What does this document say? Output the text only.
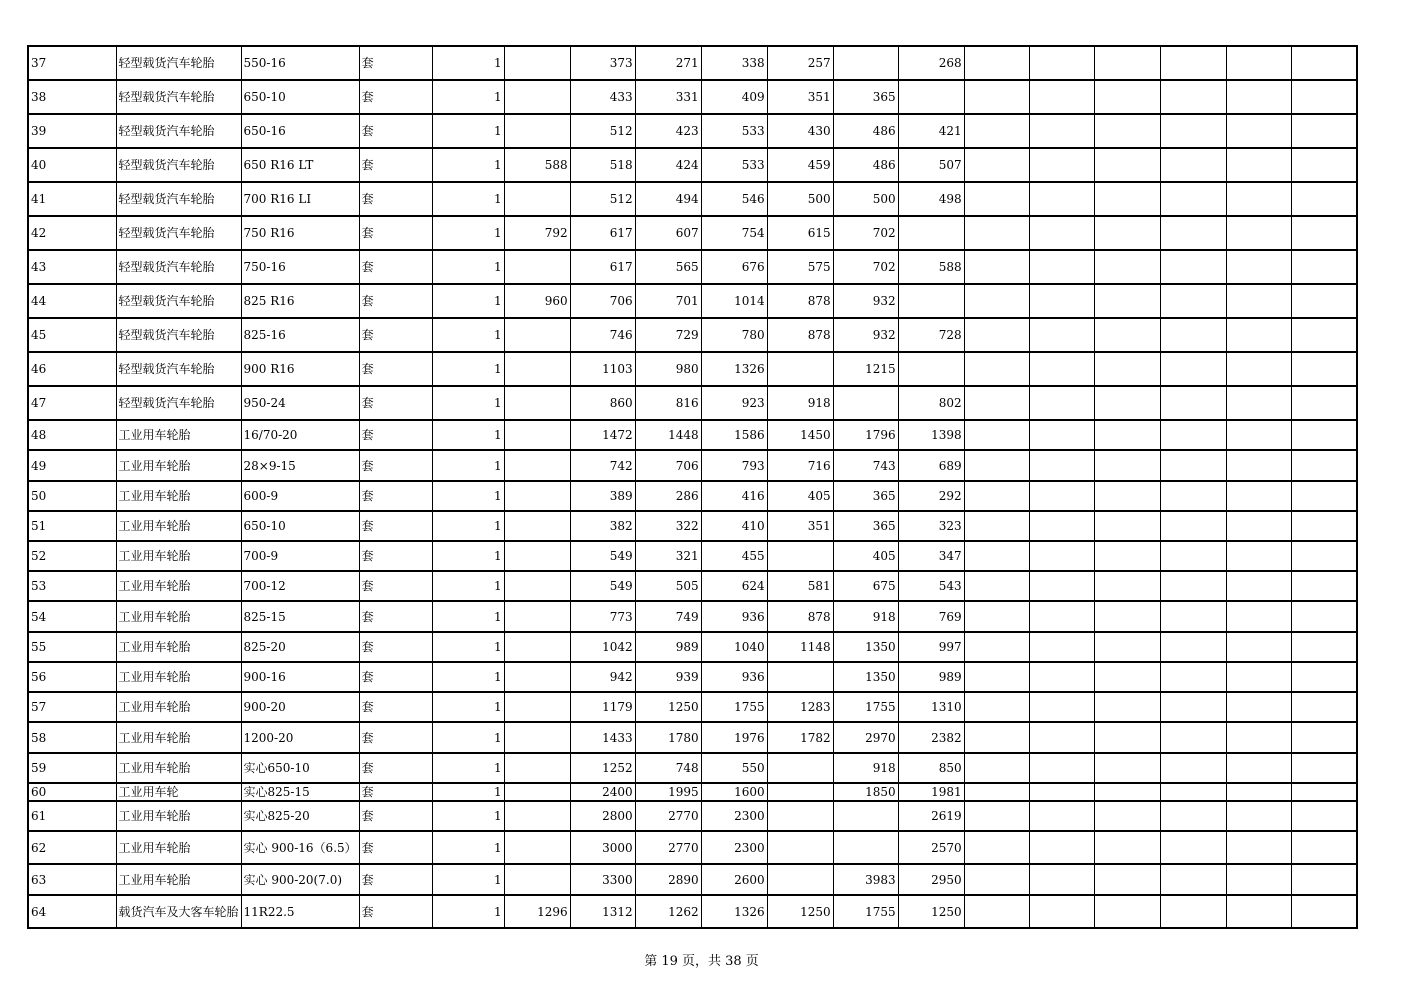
37	轻型载货汽车轮胎	550-16	套	1		373	271	338	257		268						
38	轻型载货汽车轮胎	650-10	套	1		433	331	409	351	365							
39	轻型载货汽车轮胎	650-16	套	1		512	423	533	430	486	421						
40	轻型载货汽车轮胎	650 R16 LT	套	1	588	518	424	533	459	486	507						
41	轻型载货汽车轮胎	700 R16 LI	套	1		512	494	546	500	500	498						
42	轻型载货汽车轮胎	750 R16	套	1	792	617	607	754	615	702							
43	轻型载货汽车轮胎	750-16	套	1		617	565	676	575	702	588						
44	轻型载货汽车轮胎	825 R16	套	1	960	706	701	1014	878	932							
45	轻型载货汽车轮胎	825-16	套	1		746	729	780	878	932	728						
46	轻型载货汽车轮胎	900 R16	套	1		1103	980	1326		1215							
47	轻型载货汽车轮胎	950-24	套	1		860	816	923	918		802						
48	工业用车轮胎	16/70-20	套	1		1472	1448	1586	1450	1796	1398						
49	工业用车轮胎	28×9-15	套	1		742	706	793	716	743	689						
50	工业用车轮胎	600-9	套	1		389	286	416	405	365	292						
51	工业用车轮胎	650-10	套	1		382	322	410	351	365	323						
52	工业用车轮胎	700-9	套	1		549	321	455		405	347						
53	工业用车轮胎	700-12	套	1		549	505	624	581	675	543						
54	工业用车轮胎	825-15	套	1		773	749	936	878	918	769						
55	工业用车轮胎	825-20	套	1		1042	989	1040	1148	1350	997						
56	工业用车轮胎	900-16	套	1		942	939	936		1350	989						
57	工业用车轮胎	900-20	套	1		1179	1250	1755	1283	1755	1310						
58	工业用车轮胎	1200-20	套	1		1433	1780	1976	1782	2970	2382						
59	工业用车轮胎	实心650-10	套	1		1252	748	550		918	850						
60	工业用车轮	实心825-15	套	1		2400	1995	1600		1850	1981						
61	工业用车轮胎	实心825-20	套	1		2800	2770	2300			2619						
62	工业用车轮胎	实心 900-16（6.5）	套	1		3000	2770	2300			2570						
63	工业用车轮胎	实心 900-20(7.0)	套	1		3300	2890	2600		3983	2950						
64	载货汽车及大客车轮胎	11R22.5	套	1	1296	1312	1262	1326	1250	1755	1250						
第 19 页，共 38 页
